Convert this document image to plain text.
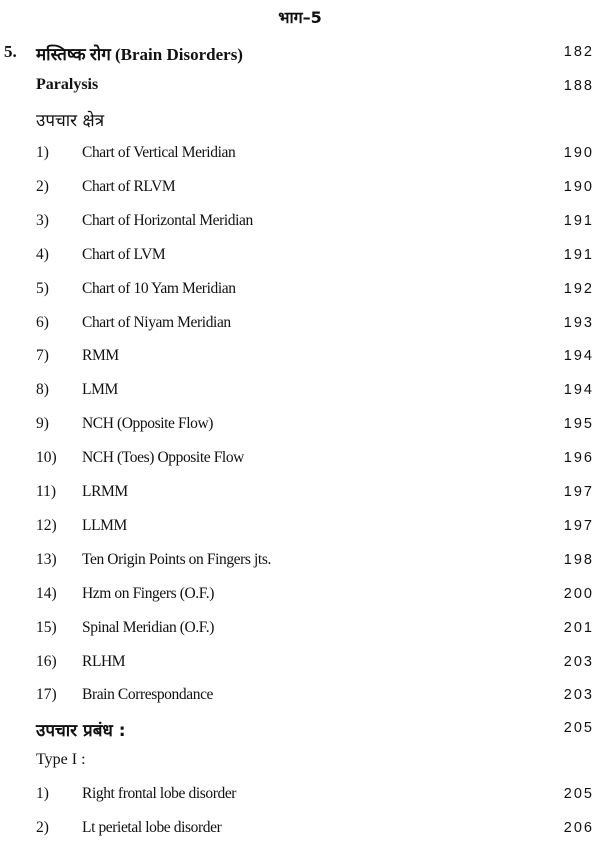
भाग–5
5. मस्तिष्क रोग (Brain Disorders)	182
Paralysis	188
उपचार क्षेत्र
1) Chart of Vertical Meridian	190
2) Chart of RLVM	190
3) Chart of Horizontal Meridian	191
4) Chart of LVM	191
5) Chart of 10 Yam Meridian	192
6) Chart of Niyam Meridian	193
7) RMM	194
8) LMM	194
9) NCH (Opposite Flow)	195
10) NCH (Toes) Opposite Flow	196
11) LRMM	197
12) LLMM	197
13) Ten Origin Points on Fingers jts.	198
14) Hzm on Fingers (O.F.)	200
15) Spinal Meridian (O.F.)	201
16) RLHM	203
17) Brain Correspondance	203
उपचार प्रबंध :	205
Type I :
1) Right frontal lobe disorder	205
2) Lt perietal lobe disorder	206
